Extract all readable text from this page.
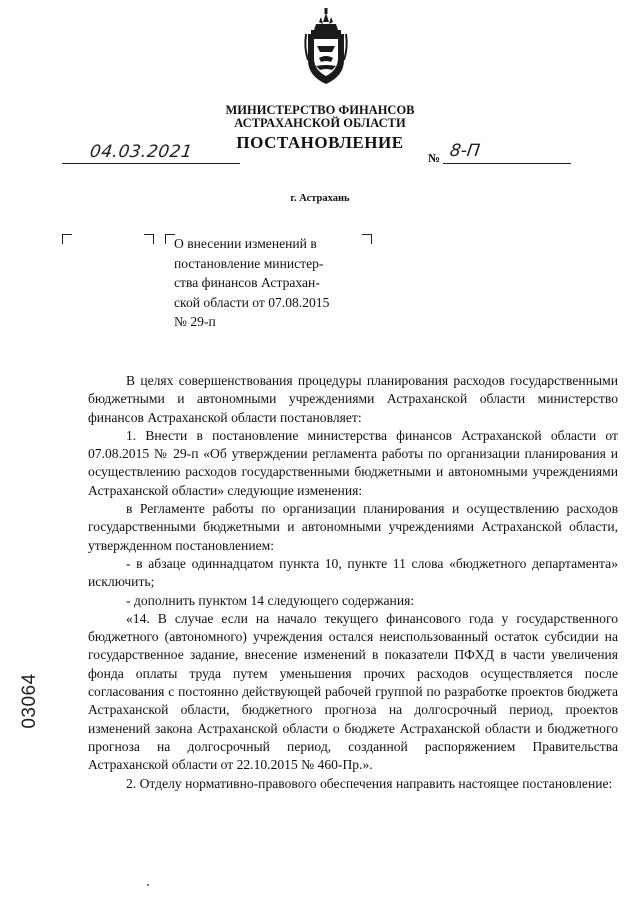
МИНИСТЕРСТВО ФИНАНСОВ
АСТРАХАНСКОЙ ОБЛАСТИ
ПОСТАНОВЛЕНИЕ
04.03.2021	№ 8-П
г. Астрахань
О внесении изменений в
постановление министер-
ства финансов Астрахан-
ской области от 07.08.2015
№ 29-п

В целях совершенствования процедуры планирования расходов государственными бюджетными и автономными учреждениями Астраханской области министерство финансов Астраханской области постановляет:

1. Внести в постановление министерства финансов Астраханской области от 07.08.2015 № 29-п «Об утверждении регламента работы по организации планирования и осуществлению расходов государственными бюджетными и автономными учреждениями Астраханской области» следующие изменения:

в Регламенте работы по организации планирования и осуществлению расходов государственными бюджетными и автономными учреждениями Астраханской области, утвержденном постановлением:

- в абзаце одиннадцатом пункта 10, пункте 11 слова «бюджетного департамента» исключить;

- дополнить пунктом 14 следующего содержания:

«14. В случае если на начало текущего финансового года у государственного бюджетного (автономного) учреждения остался неиспользованный остаток субсидии на государственное задание, внесение изменений в показатели ПФХД в части увеличения фонда оплаты труда путем уменьшения прочих расходов осуществляется после согласования с постоянно действующей рабочей группой по разработке проектов бюджета Астраханской области, бюджетного прогноза на долгосрочный период, проектов изменений закона Астраханской области о бюджете Астраханской области и бюджетного прогноза на долгосрочный период, созданной распоряжением Правительства Астраханской области от 22.10.2015 № 460-Пр.».

2. Отделу нормативно-правового обеспечения направить настоящее постановление:

03064
